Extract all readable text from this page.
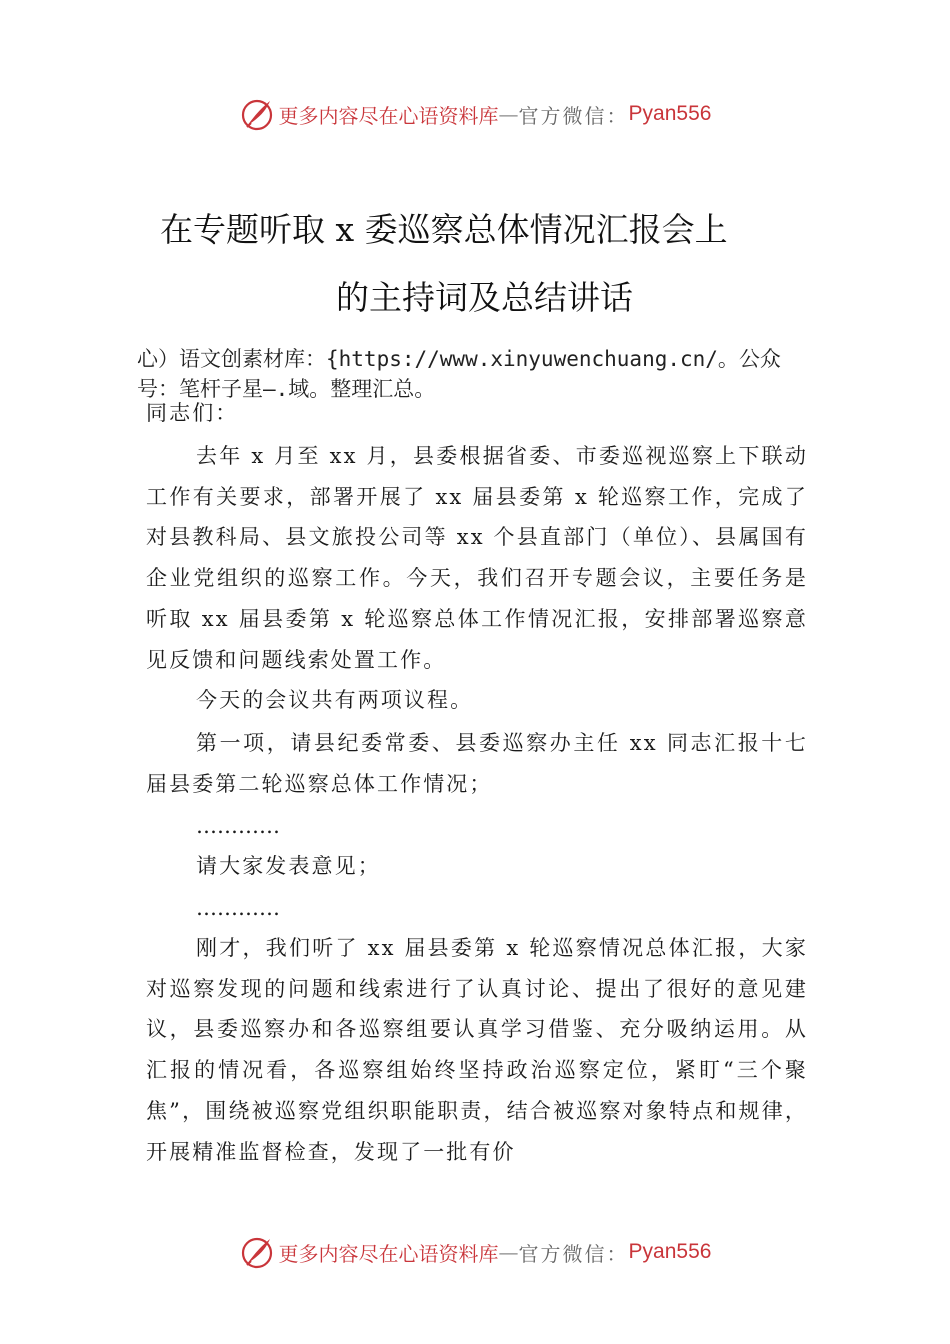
更多内容尽在心语资料库 — 官方微信： Pyan556
在专题听取 x 委巡察总体情况汇报会上
的主持词及总结讲话
心）语文创素材库：{https://www.xinyuwenchuang.cn/。公众
号：笔杆子星—.域。整理汇总。

同志们：

去年 x 月至 xx 月，县委根据省委、市委巡视巡察上下联动工作有关要求，部署开展了 xx 届县委第 x 轮巡察工作，完成了对县教科局、县文旅投公司等 xx 个县直部门（单位）、县属国有企业党组织的巡察工作。今天，我们召开专题会议，主要任务是听取 xx 届县委第 x 轮巡察总体工作情况汇报，安排部署巡察意见反馈和问题线索处置工作。

今天的会议共有两项议程。

第一项，请县纪委常委、县委巡察办主任 xx 同志汇报十七届县委第二轮巡察总体工作情况；

…………

请大家发表意见；

…………

刚才，我们听了 xx 届县委第 x 轮巡察情况总体汇报，大家对巡察发现的问题和线索进行了认真讨论、提出了很好的意见建议，县委巡察办和各巡察组要认真学习借鉴、充分吸纳运用。从汇报的情况看，各巡察组始终坚持政治巡察定位，紧盯“三个聚焦”，围绕被巡察党组织职能职责，结合被巡察对象特点和规律，开展精准监督检查，发现了一批有价

更多内容尽在心语资料库 — 官方微信： Pyan556
